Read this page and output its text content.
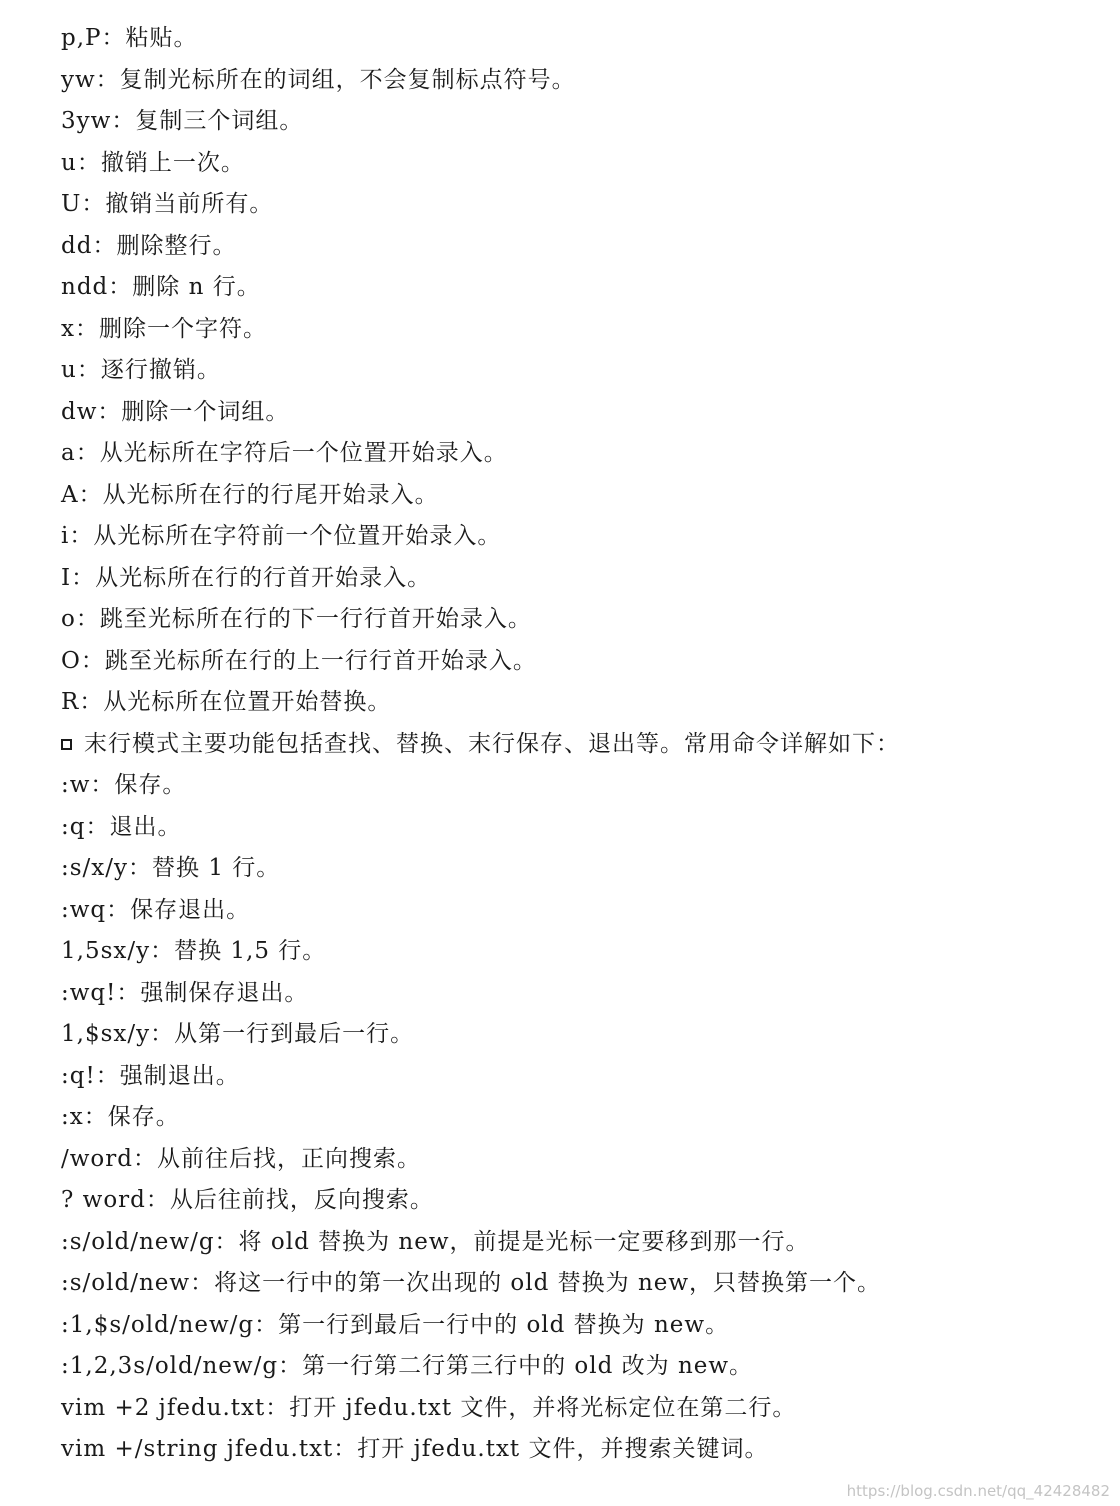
p,P：粘贴。
yw：复制光标所在的词组，不会复制标点符号。
3yw：复制三个词组。
u：撤销上一次。
U：撤销当前所有。
dd：删除整行。
ndd：删除 n 行。
x：删除一个字符。
u：逐行撤销。
dw：删除一个词组。
a：从光标所在字符后一个位置开始录入。
A：从光标所在行的行尾开始录入。
i：从光标所在字符前一个位置开始录入。
I：从光标所在行的行首开始录入。
o：跳至光标所在行的下一行行首开始录入。
O：跳至光标所在行的上一行行首开始录入。
R：从光标所在位置开始替换。
末行模式主要功能包括查找、替换、末行保存、退出等。常用命令详解如下：
:w：保存。
:q：退出。
:s/x/y：替换 1 行。
:wq：保存退出。
1,5sx/y：替换 1,5 行。
:wq!：强制保存退出。
1,$sx/y：从第一行到最后一行。
:q!：强制退出。
:x：保存。
/word：从前往后找，正向搜索。
? word：从后往前找，反向搜索。
:s/old/new/g：将 old 替换为 new，前提是光标一定要移到那一行。
:s/old/new：将这一行中的第一次出现的 old 替换为 new，只替换第一个。
:1,$s/old/new/g：第一行到最后一行中的 old 替换为 new。
:1,2,3s/old/new/g：第一行第二行第三行中的 old 改为 new。
vim +2 jfedu.txt：打开 jfedu.txt 文件，并将光标定位在第二行。
vim +/string jfedu.txt：打开 jfedu.txt 文件，并搜索关键词。
https://blog.csdn.net/qq_42428482
